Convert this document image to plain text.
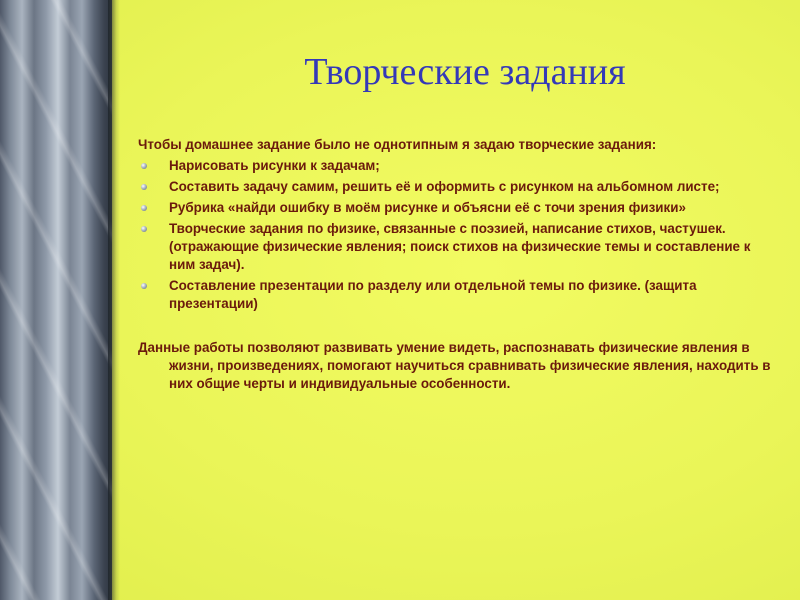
Творческие задания

Чтобы домашнее задание было не однотипным я задаю творческие задания:

Нарисовать рисунки к задачам;
Составить задачу самим, решить её и оформить с рисунком на альбомном листе;
Рубрика «найди ошибку в моём рисунке и объясни её с точи зрения физики»
Творческие задания по физике, связанные с поэзией, написание стихов, частушек. (отражающие физические явления; поиск стихов на физические темы и составление к ним задач).
Составление презентации по разделу или отдельной темы по физике. (защита презентации)

Данные работы позволяют развивать умение видеть, распознавать физические явления в жизни, произведениях, помогают научиться сравнивать физические явления, находить в них общие черты и индивидуальные особенности.
